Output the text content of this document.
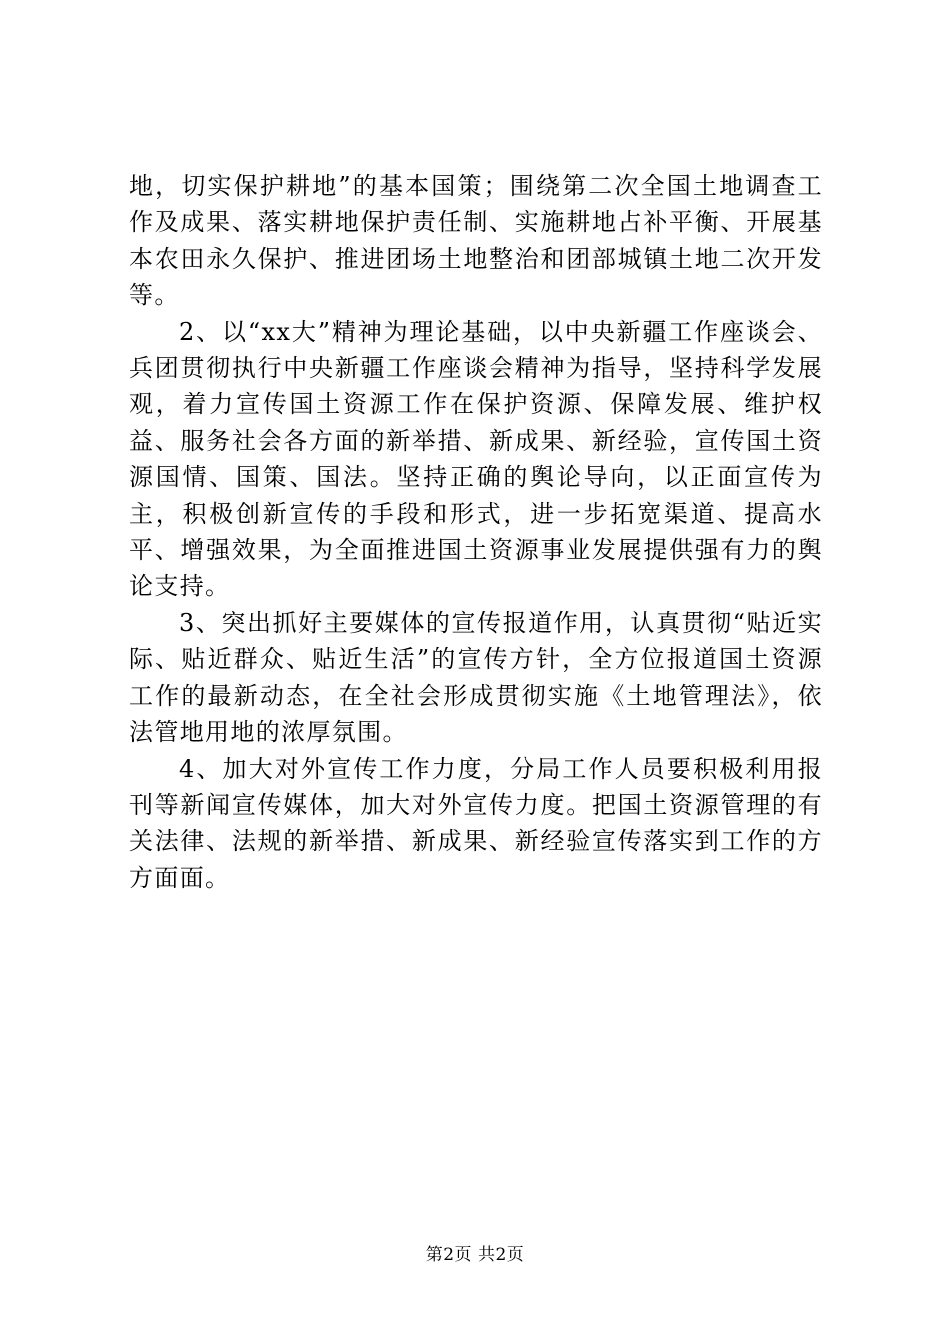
地，切实保护耕地”的基本国策；围绕第二次全国土地调查工作及成果、落实耕地保护责任制、实施耕地占补平衡、开展基本农田永久保护、推进团场土地整治和团部城镇土地二次开发等。

2、以“xx大”精神为理论基础，以中央新疆工作座谈会、兵团贯彻执行中央新疆工作座谈会精神为指导，坚持科学发展观，着力宣传国土资源工作在保护资源、保障发展、维护权益、服务社会各方面的新举措、新成果、新经验，宣传国土资源国情、国策、国法。坚持正确的舆论导向，以正面宣传为主，积极创新宣传的手段和形式，进一步拓宽渠道、提高水平、增强效果，为全面推进国土资源事业发展提供强有力的舆论支持。

3、突出抓好主要媒体的宣传报道作用，认真贯彻“贴近实际、贴近群众、贴近生活”的宣传方针，全方位报道国土资源工作的最新动态，在全社会形成贯彻实施《土地管理法》，依法管地用地的浓厚氛围。

4、加大对外宣传工作力度，分局工作人员要积极利用报刊等新闻宣传媒体，加大对外宣传力度。把国土资源管理的有关法律、法规的新举措、新成果、新经验宣传落实到工作的方方面面。

第2页 共2页
